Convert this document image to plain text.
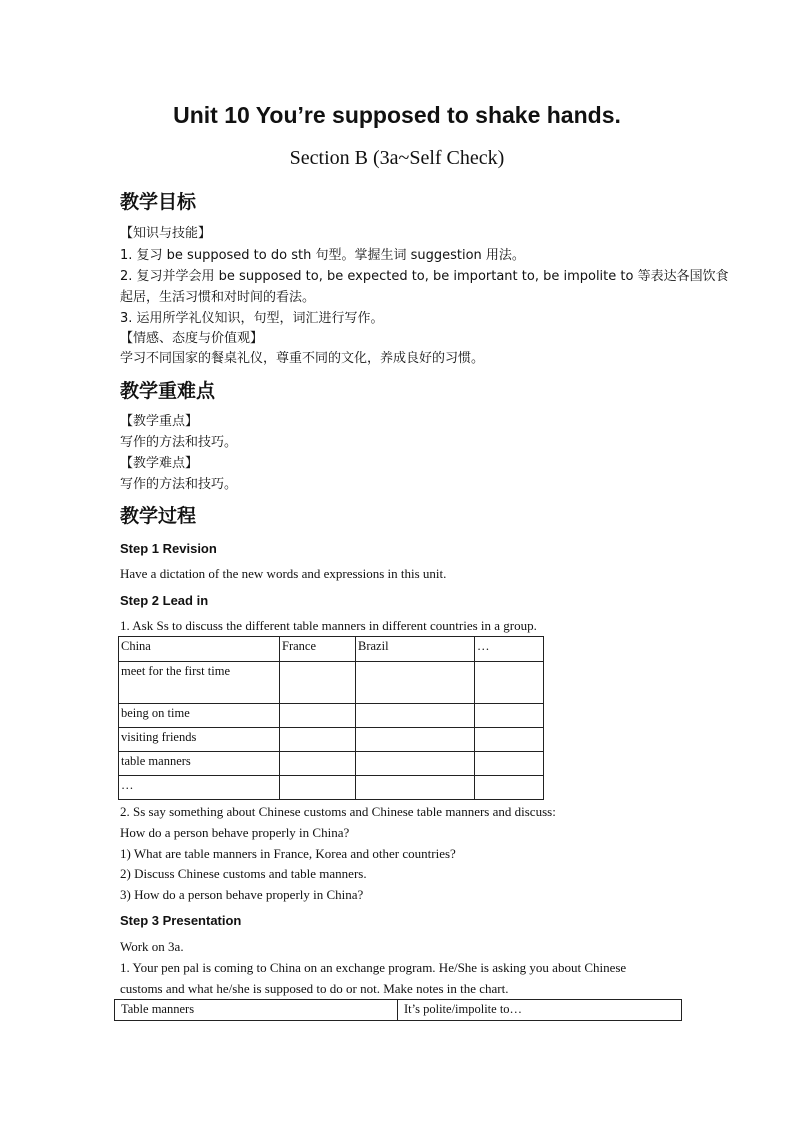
Unit 10 You’re supposed to shake hands.
Section B (3a~Self Check)
教学目标
【知识与技能】
1. 复习 be supposed to do sth 句型。掌握生词 suggestion 用法。
2. 复习并学会用 be supposed to, be expected to, be important to, be impolite to 等表达各国饮食
起居，生活习惯和对时间的看法。
3. 运用所学礼仪知识，句型，词汇进行写作。
【情感、态度与价值观】
学习不同国家的餐桌礼仪，尊重不同的文化，养成良好的习惯。
教学重难点
【教学重点】
写作的方法和技巧。
【教学难点】
写作的方法和技巧。
教学过程
Step 1 Revision
Have a dictation of the new words and expressions in this unit.
Step 2 Lead in
1. Ask Ss to discuss the different table manners in different countries in a group.
China	France	Brazil	…
meet for the first time			
being on time			
visiting friends			
table manners			
…			
2. Ss say something about Chinese customs and Chinese table manners and discuss:
How do a person behave properly in China?
1) What are table manners in France, Korea and other countries?
2) Discuss Chinese customs and table manners.
3) How do a person behave properly in China?
Step 3 Presentation
Work on 3a.
1. Your pen pal is coming to China on an exchange program. He/She is asking you about Chinese
customs and what he/she is supposed to do or not. Make notes in the chart.
Table manners	It’s polite/impolite to…
